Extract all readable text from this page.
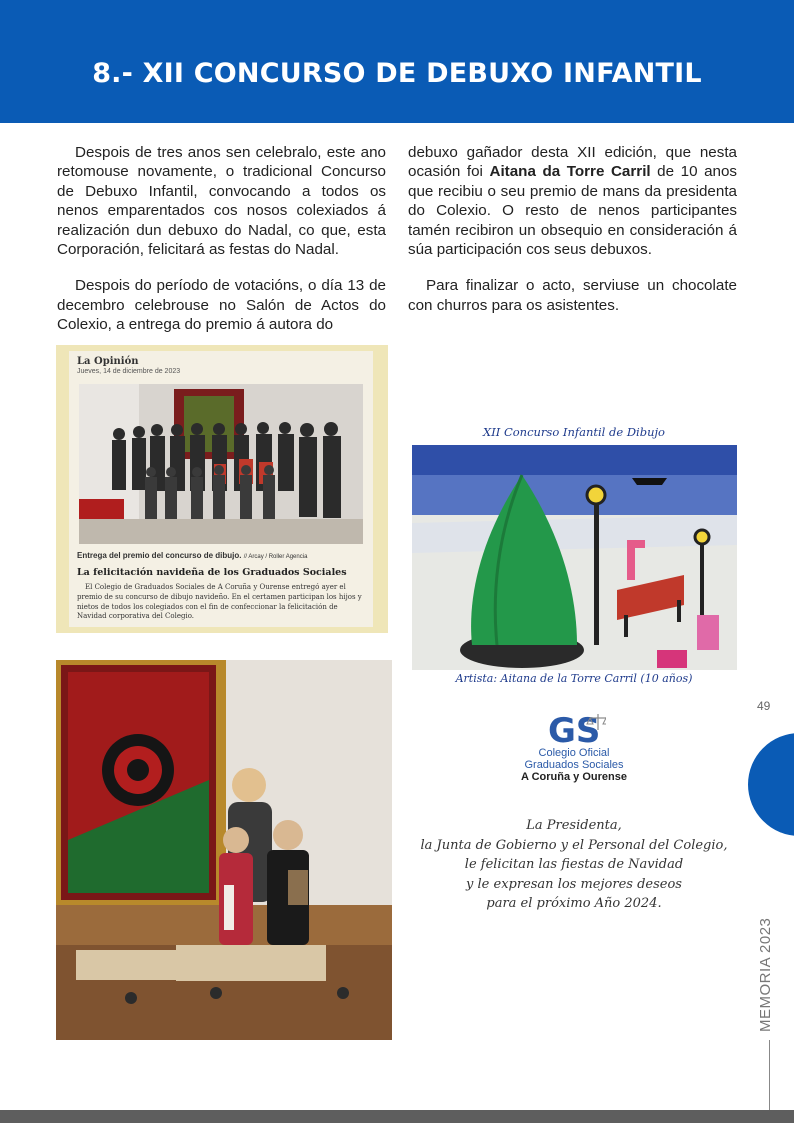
8.- XII CONCURSO DE DEBUXO INFANTIL

Despois de tres anos sen celebralo, este ano retomouse novamente, o tradicional Concurso de Debuxo Infantil, convocando a todos os nenos emparentados cos nosos colexiados á realización dun debuxo do Nadal, co que, esta Corporación, felicitará as festas do Nadal.

Despois do período de votacións, o día 13 de decembro celebrouse no Salón de Actos do Colexio, a entrega do premio á autora do

debuxo gañador desta XII edición, que nesta ocasión foi Aitana da Torre Carril de 10 anos que recibiu o seu premio de mans da presidenta do Colexio. O resto de nenos participantes tamén recibiron un obsequio en consideración á súa participación cos seus debuxos.

Para finalizar o acto, serviuse un chocolate con churros para os asistentes.

La Opinión
Jueves, 14 de diciembre de 2023
Entrega del premio del concurso de dibujo. // Arcay / Roller Agencia
La felicitación navideña de los Graduados Sociales
El Colegio de Graduados Sociales de A Coruña y Ourense entregó ayer el premio de su concurso de dibujo navideño. En el certamen participan los hijos y nietos de todos los colegiados con el fin de confeccionar la felicitación de Navidad corporativa del Colegio.
XII Concurso Infantil de Dibujo
Artista: Aitana de la Torre Carril (10 años)
GS
Colegio Oficial
Graduados Sociales
A Coruña y Ourense
La Presidenta,
la Junta de Gobierno y el Personal del Colegio,
le felicitan las fiestas de Navidad
y le expresan los mejores deseos
para el próximo Año 2024.
49
MEMORIA 2023
